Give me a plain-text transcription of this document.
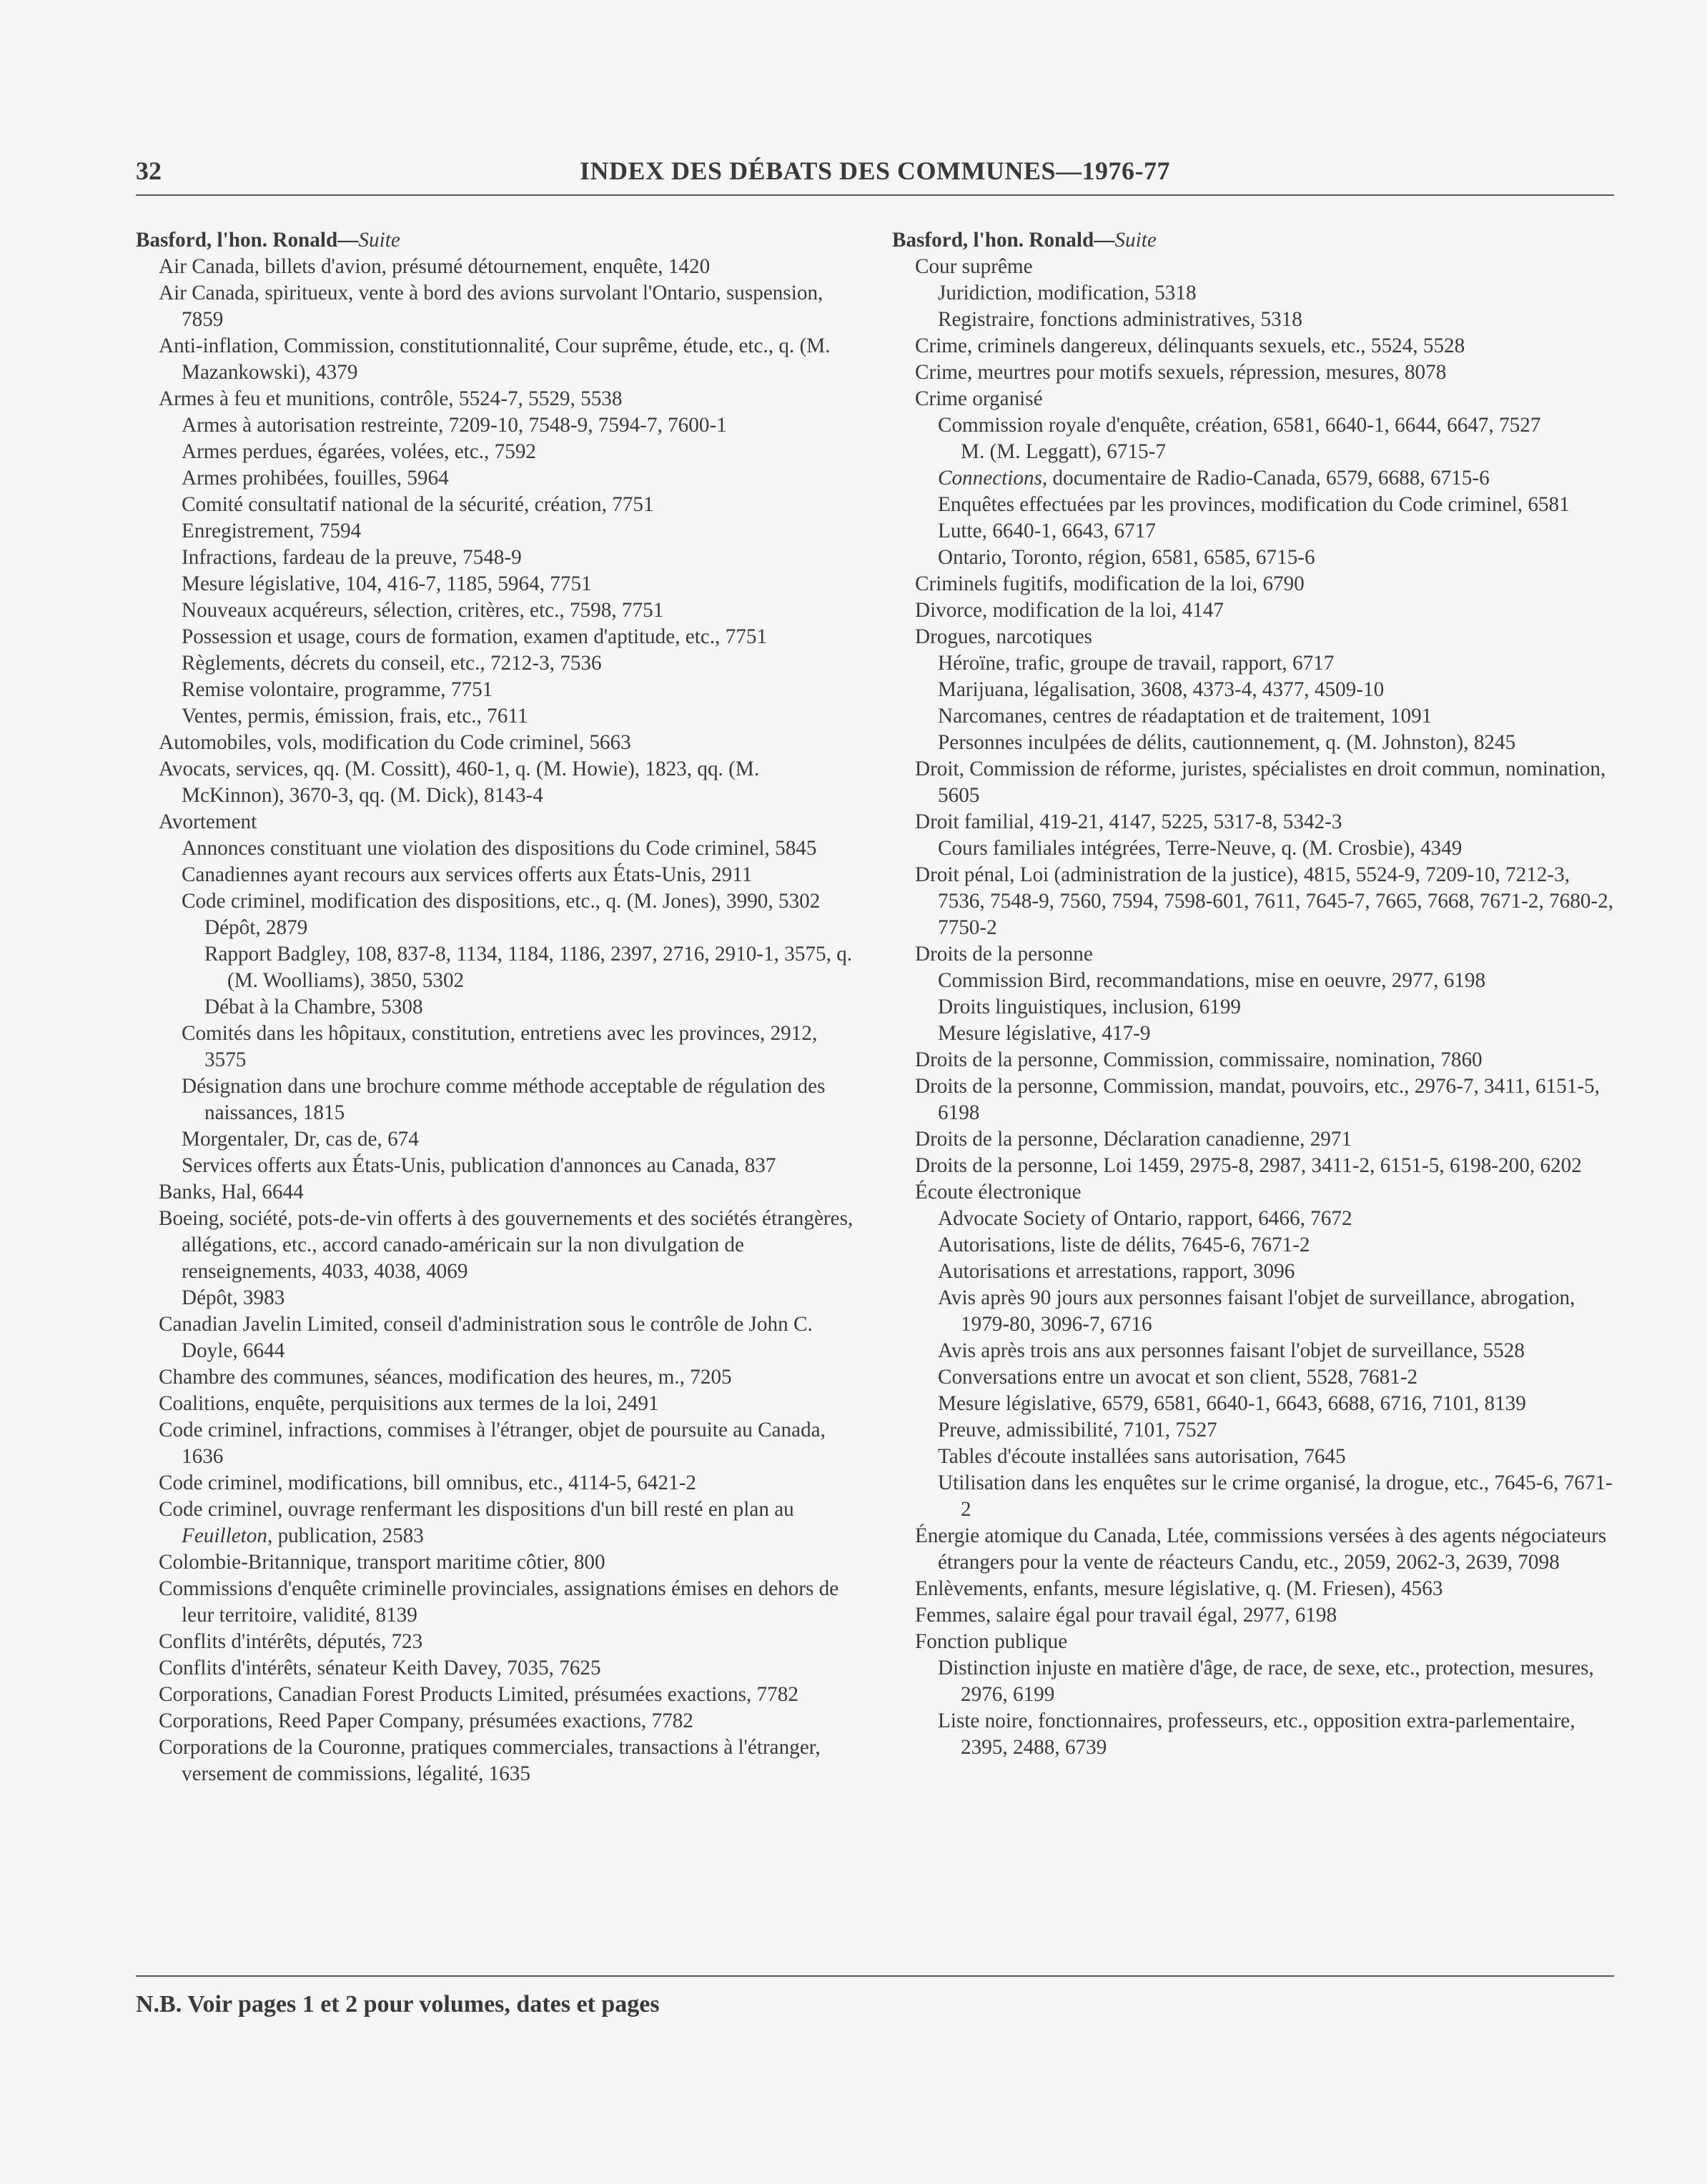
32	INDEX DES DÉBATS DES COMMUNES—1976-77

Basford, l'hon. Ronald—Suite

Air Canada, billets d'avion, présumé détournement, enquête, 1420

Air Canada, spiritueux, vente à bord des avions survolant l'Ontario, suspension, 7859

Anti-inflation, Commission, constitutionnalité, Cour suprême, étude, etc., q. (M. Mazankowski), 4379

Armes à feu et munitions, contrôle, 5524-7, 5529, 5538

Armes à autorisation restreinte, 7209-10, 7548-9, 7594-7, 7600-1

Armes perdues, égarées, volées, etc., 7592

Armes prohibées, fouilles, 5964

Comité consultatif national de la sécurité, création, 7751

Enregistrement, 7594

Infractions, fardeau de la preuve, 7548-9

Mesure législative, 104, 416-7, 1185, 5964, 7751

Nouveaux acquéreurs, sélection, critères, etc., 7598, 7751

Possession et usage, cours de formation, examen d'aptitude, etc., 7751

Règlements, décrets du conseil, etc., 7212-3, 7536

Remise volontaire, programme, 7751

Ventes, permis, émission, frais, etc., 7611

Automobiles, vols, modification du Code criminel, 5663

Avocats, services, qq. (M. Cossitt), 460-1, q. (M. Howie), 1823, qq. (M. McKinnon), 3670-3, qq. (M. Dick), 8143-4

Avortement

Annonces constituant une violation des dispositions du Code criminel, 5845

Canadiennes ayant recours aux services offerts aux États-Unis, 2911

Code criminel, modification des dispositions, etc., q. (M. Jones), 3990, 5302

Dépôt, 2879

Rapport Badgley, 108, 837-8, 1134, 1184, 1186, 2397, 2716, 2910-1, 3575, q. (M. Woolliams), 3850, 5302

Débat à la Chambre, 5308

Comités dans les hôpitaux, constitution, entretiens avec les provinces, 2912, 3575

Désignation dans une brochure comme méthode acceptable de régulation des naissances, 1815

Morgentaler, Dr, cas de, 674

Services offerts aux États-Unis, publication d'annonces au Canada, 837

Banks, Hal, 6644

Boeing, société, pots-de-vin offerts à des gouvernements et des sociétés étrangères, allégations, etc., accord canado-américain sur la non divulgation de renseignements, 4033, 4038, 4069

Dépôt, 3983

Canadian Javelin Limited, conseil d'administration sous le contrôle de John C. Doyle, 6644

Chambre des communes, séances, modification des heures, m., 7205

Coalitions, enquête, perquisitions aux termes de la loi, 2491

Code criminel, infractions, commises à l'étranger, objet de poursuite au Canada, 1636

Code criminel, modifications, bill omnibus, etc., 4114-5, 6421-2

Code criminel, ouvrage renfermant les dispositions d'un bill resté en plan au Feuilleton, publication, 2583

Colombie-Britannique, transport maritime côtier, 800

Commissions d'enquête criminelle provinciales, assignations émises en dehors de leur territoire, validité, 8139

Conflits d'intérêts, députés, 723

Conflits d'intérêts, sénateur Keith Davey, 7035, 7625

Corporations, Canadian Forest Products Limited, présumées exactions, 7782

Corporations, Reed Paper Company, présumées exactions, 7782

Corporations de la Couronne, pratiques commerciales, transactions à l'étranger, versement de commissions, légalité, 1635

Basford, l'hon. Ronald—Suite

Cour suprême

Juridiction, modification, 5318

Registraire, fonctions administratives, 5318

Crime, criminels dangereux, délinquants sexuels, etc., 5524, 5528

Crime, meurtres pour motifs sexuels, répression, mesures, 8078

Crime organisé

Commission royale d'enquête, création, 6581, 6640-1, 6644, 6647, 7527

M. (M. Leggatt), 6715-7

Connections, documentaire de Radio-Canada, 6579, 6688, 6715-6

Enquêtes effectuées par les provinces, modification du Code criminel, 6581

Lutte, 6640-1, 6643, 6717

Ontario, Toronto, région, 6581, 6585, 6715-6

Criminels fugitifs, modification de la loi, 6790

Divorce, modification de la loi, 4147

Drogues, narcotiques

Héroïne, trafic, groupe de travail, rapport, 6717

Marijuana, légalisation, 3608, 4373-4, 4377, 4509-10

Narcomanes, centres de réadaptation et de traitement, 1091

Personnes inculpées de délits, cautionnement, q. (M. Johnston), 8245

Droit, Commission de réforme, juristes, spécialistes en droit commun, nomination, 5605

Droit familial, 419-21, 4147, 5225, 5317-8, 5342-3

Cours familiales intégrées, Terre-Neuve, q. (M. Crosbie), 4349

Droit pénal, Loi (administration de la justice), 4815, 5524-9, 7209-10, 7212-3, 7536, 7548-9, 7560, 7594, 7598-601, 7611, 7645-7, 7665, 7668, 7671-2, 7680-2, 7750-2

Droits de la personne

Commission Bird, recommandations, mise en oeuvre, 2977, 6198

Droits linguistiques, inclusion, 6199

Mesure législative, 417-9

Droits de la personne, Commission, commissaire, nomination, 7860

Droits de la personne, Commission, mandat, pouvoirs, etc., 2976-7, 3411, 6151-5, 6198

Droits de la personne, Déclaration canadienne, 2971

Droits de la personne, Loi 1459, 2975-8, 2987, 3411-2, 6151-5, 6198-200, 6202

Écoute électronique

Advocate Society of Ontario, rapport, 6466, 7672

Autorisations, liste de délits, 7645-6, 7671-2

Autorisations et arrestations, rapport, 3096

Avis après 90 jours aux personnes faisant l'objet de surveillance, abrogation, 1979-80, 3096-7, 6716

Avis après trois ans aux personnes faisant l'objet de surveillance, 5528

Conversations entre un avocat et son client, 5528, 7681-2

Mesure législative, 6579, 6581, 6640-1, 6643, 6688, 6716, 7101, 8139

Preuve, admissibilité, 7101, 7527

Tables d'écoute installées sans autorisation, 7645

Utilisation dans les enquêtes sur le crime organisé, la drogue, etc., 7645-6, 7671-2

Énergie atomique du Canada, Ltée, commissions versées à des agents négociateurs étrangers pour la vente de réacteurs Candu, etc., 2059, 2062-3, 2639, 7098

Enlèvements, enfants, mesure législative, q. (M. Friesen), 4563

Femmes, salaire égal pour travail égal, 2977, 6198

Fonction publique

Distinction injuste en matière d'âge, de race, de sexe, etc., protection, mesures, 2976, 6199

Liste noire, fonctionnaires, professeurs, etc., opposition extra-parlementaire, 2395, 2488, 6739

N.B. Voir pages 1 et 2 pour volumes, dates et pages
